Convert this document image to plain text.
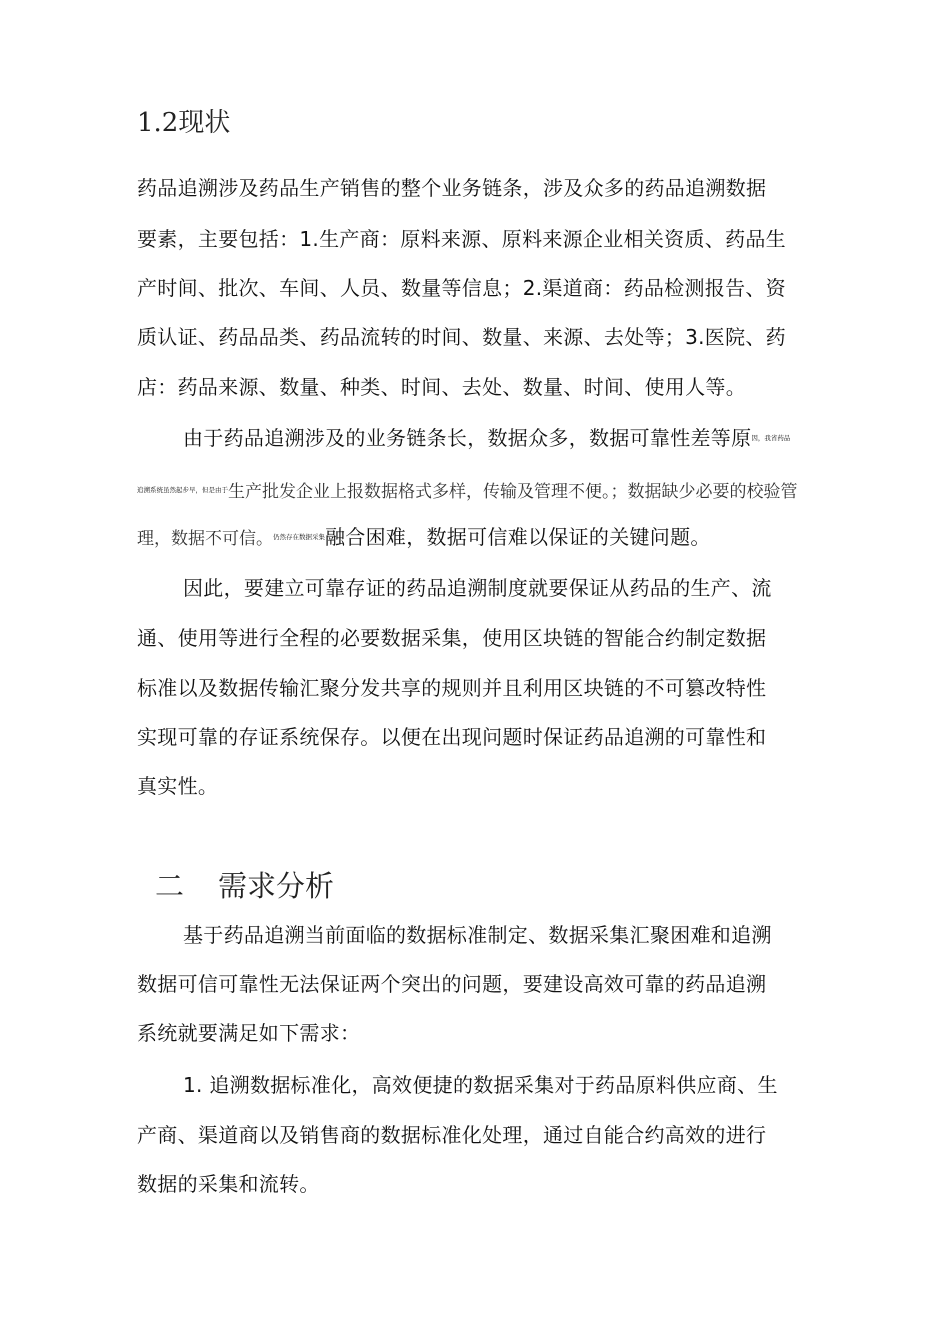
1.2现状
药品追溯涉及药品生产销售的整个业务链条，涉及众多的药品追溯数据
要素，主要包括：1.生产商：原料来源、原料来源企业相关资质、药品生
产时间、批次、车间、人员、数量等信息；2.渠道商：药品检测报告、资
质认证、药品品类、药品流转的时间、数量、来源、去处等；3.医院、药
店：药品来源、数量、种类、时间、去处、数量、时间、使用人等。
由于药品追溯涉及的业务链条长，数据众多，数据可靠性差等原$^{因,我省药品}$
$^{追溯系统虽然起步早,但是由于}$生产批发企业上报数据格式多样，传输及管理不便。；数据缺少必要的校验管
理，数据不可信。$^{仍然存在数据采集}$融合困难，数据可信难以保证的关键问题。
因此，要建立可靠存证的药品追溯制度就要保证从药品的生产、流
通、使用等进行全程的必要数据采集，使用区块链的智能合约制定数据
标准以及数据传输汇聚分发共享的规则并且利用区块链的不可篡改特性
实现可靠的存证系统保存。以便在出现问题时保证药品追溯的可靠性和
真实性。
二 需求分析
基于药品追溯当前面临的数据标准制定、数据采集汇聚困难和追溯
数据可信可靠性无法保证两个突出的问题，要建设高效可靠的药品追溯
系统就要满足如下需求：
1. 追溯数据标准化，高效便捷的数据采集对于药品原料供应商、生
产商、渠道商以及销售商的数据标准化处理，通过自能合约高效的进行
数据的采集和流转。
